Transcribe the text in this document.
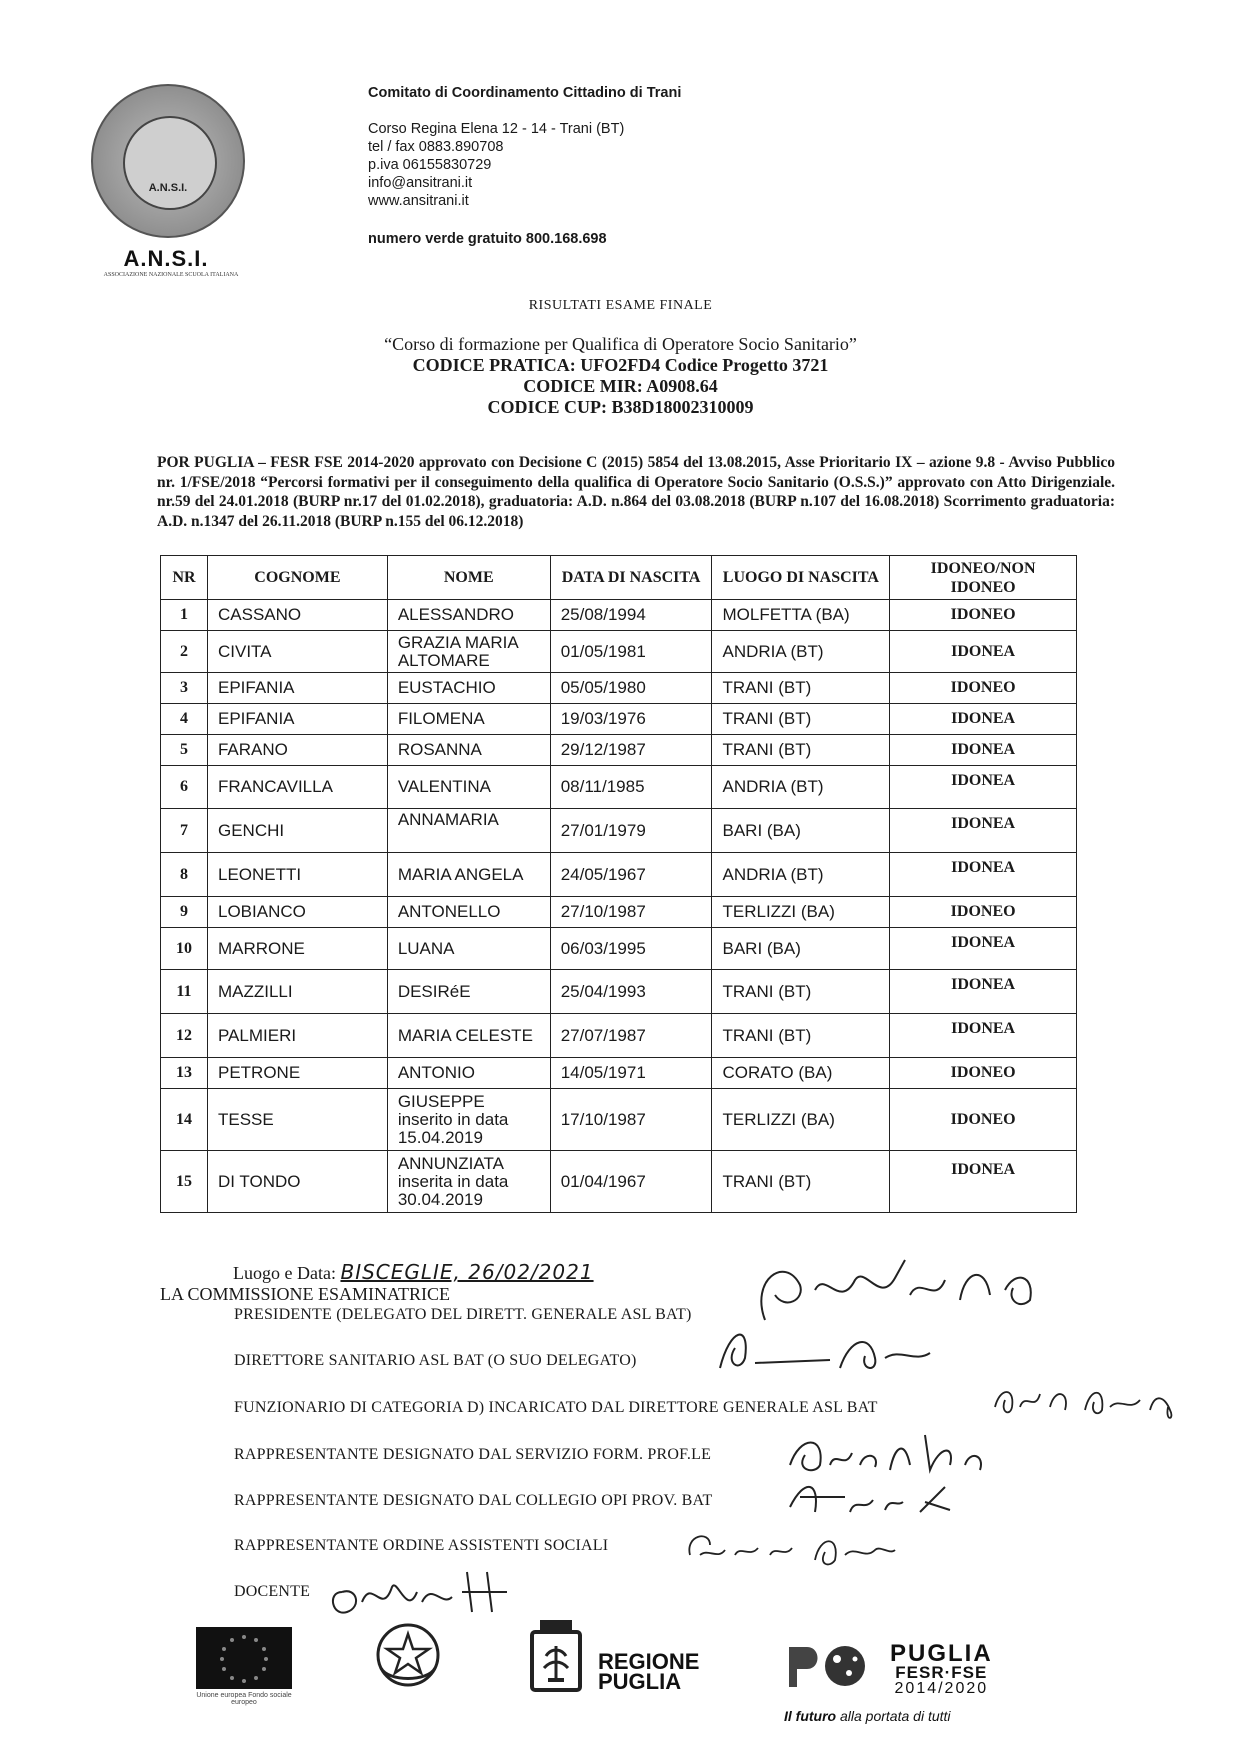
A.N.S.I.
A.N.S.I.
ASSOCIAZIONE NAZIONALE SCUOLA ITALIANA
Comitato di Coordinamento Cittadino di Trani
Corso Regina Elena 12 - 14 - Trani (BT)
tel / fax 0883.890708
p.iva 06155830729
info@ansitrani.it
www.ansitrani.it
numero verde gratuito 800.168.698
RISULTATI ESAME FINALE
“Corso di formazione per Qualifica di Operatore Socio Sanitario”
CODICE PRATICA: UFO2FD4 Codice Progetto 3721
CODICE MIR: A0908.64
CODICE CUP: B38D18002310009
POR PUGLIA – FESR FSE 2014-2020 approvato con Decisione C (2015) 5854 del 13.08.2015, Asse Prioritario IX – azione 9.8 - Avviso Pubblico nr. 1/FSE/2018 “Percorsi formativi per il conseguimento della qualifica di Operatore Socio Sanitario (O.S.S.)” approvato con Atto Dirigenziale. nr.59 del 24.01.2018 (BURP nr.17 del 01.02.2018), graduatoria: A.D. n.864 del 03.08.2018 (BURP n.107 del 16.08.2018) Scorrimento graduatoria: A.D. n.1347 del 26.11.2018 (BURP n.155 del 06.12.2018)
NR	COGNOME	NOME	DATA DI NASCITA	LUOGO DI NASCITA	IDONEO/NON IDONEO
1	CASSANO	ALESSANDRO	25/08/1994	MOLFETTA (BA)	IDONEO
2	CIVITA	GRAZIA MARIA ALTOMARE	01/05/1981	ANDRIA (BT)	IDONEA
3	EPIFANIA	EUSTACHIO	05/05/1980	TRANI (BT)	IDONEO
4	EPIFANIA	FILOMENA	19/03/1976	TRANI (BT)	IDONEA
5	FARANO	ROSANNA	29/12/1987	TRANI (BT)	IDONEA
6	FRANCAVILLA	VALENTINA	08/11/1985	ANDRIA (BT)	IDONEA
7	GENCHI	ANNAMARIA	27/01/1979	BARI (BA)	IDONEA
8	LEONETTI	MARIA ANGELA	24/05/1967	ANDRIA (BT)	IDONEA
9	LOBIANCO	ANTONELLO	27/10/1987	TERLIZZI (BA)	IDONEO
10	MARRONE	LUANA	06/03/1995	BARI (BA)	IDONEA
11	MAZZILLI	DESIRéE	25/04/1993	TRANI (BT)	IDONEA
12	PALMIERI	MARIA CELESTE	27/07/1987	TRANI (BT)	IDONEA
13	PETRONE	ANTONIO	14/05/1971	CORATO (BA)	IDONEO
14	TESSE	GIUSEPPE inserito in data 15.04.2019	17/10/1987	TERLIZZI (BA)	IDONEO
15	DI TONDO	ANNUNZIATA inserita in data 30.04.2019	01/04/1967	TRANI (BT)	IDONEA
Luogo e Data: BISCEGLIE, 26/02/2021
LA COMMISSIONE ESAMINATRICE
PRESIDENTE (DELEGATO DEL DIRETT. GENERALE ASL BAT)
DIRETTORE SANITARIO ASL BAT (O SUO DELEGATO)
FUNZIONARIO DI CATEGORIA D) INCARICATO DAL DIRETTORE GENERALE ASL BAT
RAPPRESENTANTE DESIGNATO DAL SERVIZIO FORM. PROF.LE
RAPPRESENTANTE DESIGNATO DAL COLLEGIO OPI PROV. BAT
RAPPRESENTANTE ORDINE ASSISTENTI SOCIALI
DOCENTE
Unione europea Fondo sociale europeo
REGIONE
PUGLIA
PUGLIA
FESR·FSE
2014/2020
Il futuro alla portata di tutti
